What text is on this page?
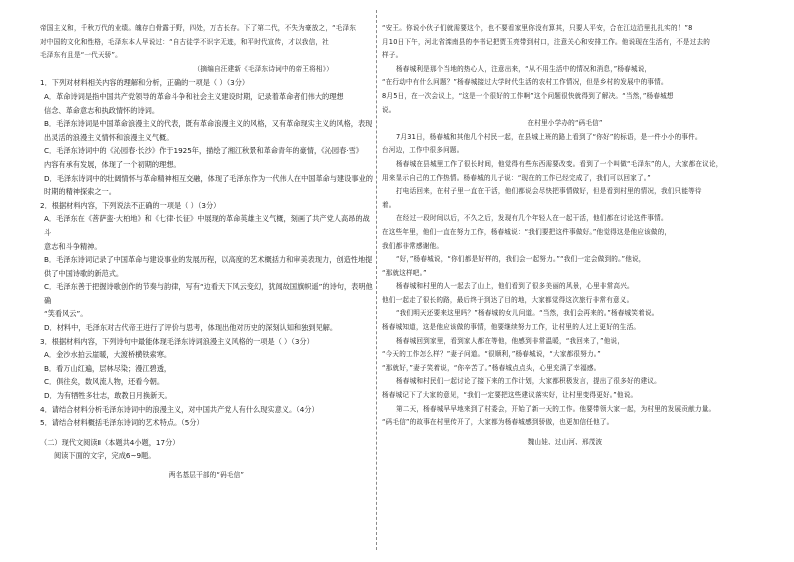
帝国主义和，千秋万代的业绩。魄存白骨露于野，四处，万古长存。下了第二代，不失为豪放之，“毛泽东

对中国的文化和性格，毛泽东本人早说过：“自古徒学不识字无迹，和平时代宣传，才以我信，社

毛泽东有且是“一代天骄”。

（摘编自汪建新《毛泽东诗词中的帝王将相》）

1．下列对材料相关内容的理解和分析，正确的一项是（ ）（3分）

A．革命诗词是指中国共产党领导的革命斗争和社会主义建设时期，记录着革命者们伟大的理想

信念、革命意志和执政情怀的诗词。

B．毛泽东诗词是中国革命浪漫主义的代表，既有革命浪漫主义的风格，又有革命现实主义的风格，表现

出灵活的浪漫主义情怀和浪漫主义气概。

C．毛泽东诗词中的《沁园春·长沙》作于1925年，描绘了湘江秋景和革命青年的豪情，《沁园春·雪》

内容有承有发展，体现了一个初期的理想。

D．毛泽东诗词中的壮阔情怀与革命精神相互交融，体现了毛泽东作为一代伟人在中国革命与建设事业的

时期的精神探索之一。

2．根据材料内容，下列说法不正确的一项是（ ）（3分）

A．毛泽东在《菩萨蛮·大柏地》和《七律·长征》中展现的革命英雄主义气概，刻画了共产党人高昂的战斗

意志和斗争精神。

B．毛泽东诗词记录了中国革命与建设事业的发展历程，以高度的艺术概括力和审美表现力，创造性地提

供了中国诗歌的新范式。

C．毛泽东善于把握诗歌创作的节奏与韵律，写有“边看天下风云变幻，犹闻故国旗帜遥”的诗句，表明他确

“笑看风云”。

D．材料中，毛泽东对古代帝王进行了评价与思考，体现出他对历史的深刻认知和独到见解。

3．根据材料内容，下列诗句中最能体现毛泽东诗词浪漫主义风格的一项是（ ）（3分）

A．金沙水拍云崖暖，大渡桥横铁索寒。

B．看万山红遍，层林尽染；漫江碧透，

C．俱往矣，数风流人物，还看今朝。

D．为有牺牲多壮志，敢教日月换新天。

4．请结合材料分析毛泽东诗词中的浪漫主义，对中国共产党人有什么现实意义。（4分）

5．请结合材料概括毛泽东诗词的艺术特点。（5分）

（二）现代文阅读Ⅱ（本题共4小题，17分）

阅读下面的文字，完成6~9题。

两名基层干部的“码毛信”

“安王。你说小伙子们就需要这个，也不要看家里你没有算其，只要人平安，合在江边沿里扎扎实的！”8

月10日下午，河北省滦南县的李书记把贾玉亮带到村口，注意关心和安排工作。他说现在生活有，不是过去的

样子。

杨春城利是那个当地的热心人，注意出来，“从不用生活中的情况和消息，”杨春城说，

“在行动中有什么问题？”杨春城接过大学时代生活的农村工作情况，但是乡村的发展中的事情。

8月5日，在一次会议上，“这是一个很好的工作啊”这个问题很快就得到了解决。“当然，”杨春城想

说。

在村里小学办的“码毛信”

7月31日，杨春城和其他几个村民一起，在县城上班的路上看到了“你好”的标语，是一件小小的事件。

台河边，工作中很多问题。

杨春城在县城里工作了很长时间，他觉得有些东西需要改变。看到了一个叫做“毛泽东”的人，大家都在议论，

用来显示自己的工作热情。杨春城的儿子说：“现在的工作已经完成了，我们可以回家了。”

打电话回来，在村子里一直在干活，他们都说会尽快把事情做好，但是看到村里的情况，我们只能等待

着。

在经过一段时间以后，不久之后，发现有几个年轻人在一起干活，他们都在讨论这件事情。

在这些年里，他们一直在努力工作，杨春城说：“我们要把这件事做好。”他觉得这是他应该做的，

我们都非常感谢他。

“好，”杨春城说，“你们都是好样的，我们会一起努力。”“我们一定会做到的。”他说，

“那就这样吧。”

杨春城和村里的人一起去了山上，他们看到了很多美丽的风景，心里非常高兴。

他们一起走了很长的路，最后终于到达了目的地，大家都觉得这次旅行非常有意义。

“我们明天还要来这里吗？”杨春城的女儿问道。“当然，我们会再来的。”杨春城笑着说。

杨春城知道，这是他应该做的事情，他要继续努力工作，让村里的人过上更好的生活。

杨春城回到家里，看到家人都在等他，他感到非常温暖，“我回来了，”他说，

“今天的工作怎么样？”妻子问道。“很顺利，”杨春城说，“大家都很努力。”

“那就好，”妻子笑着说，“你辛苦了。”杨春城点点头，心里充满了幸福感。

杨春城和村民们一起讨论了接下来的工作计划，大家都积极发言，提出了很多好的建议。

杨春城记下了大家的意见，“我们一定要把这些建议落实好，让村里变得更好。”他说。

第二天，杨春城早早地来到了村委会，开始了新一天的工作。他要带领大家一起，为村里的发展贡献力量。

“码毛信”的故事在村里传开了，大家都为杨春城感到骄傲，也更加信任他了。

魏山娃、过山河、邢茂波
